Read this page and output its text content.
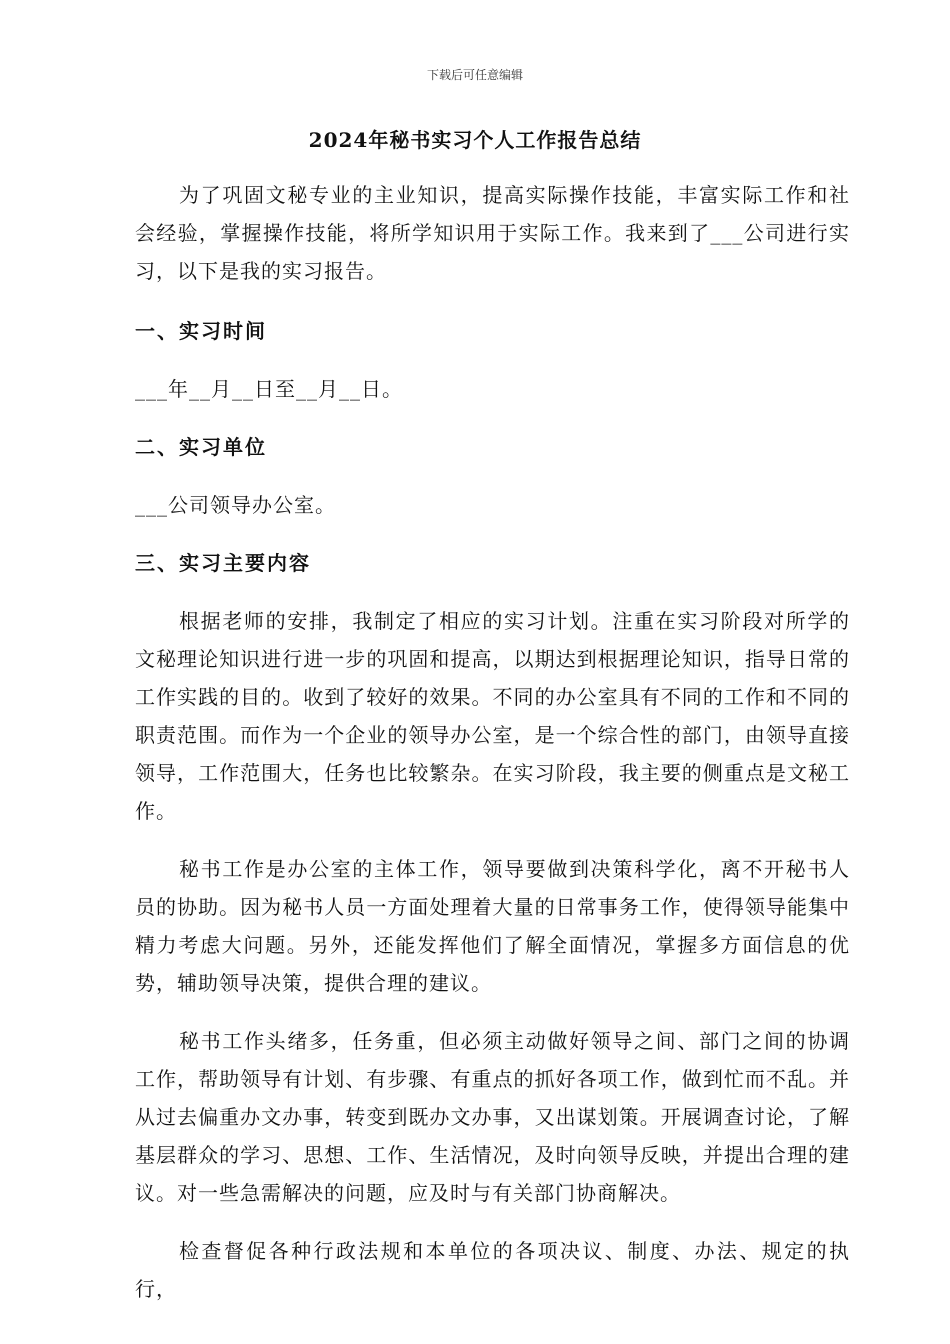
下载后可任意编辑
2024年秘书实习个人工作报告总结

为了巩固文秘专业的主业知识，提高实际操作技能，丰富实际工作和社会经验，掌握操作技能，将所学知识用于实际工作。我来到了___公司进行实习，以下是我的实习报告。

一、实习时间

___年__月__日至__月__日。

二、实习单位

___公司领导办公室。

三、实习主要内容

根据老师的安排，我制定了相应的实习计划。注重在实习阶段对所学的文秘理论知识进行进一步的巩固和提高，以期达到根据理论知识，指导日常的工作实践的目的。收到了较好的效果。不同的办公室具有不同的工作和不同的职责范围。而作为一个企业的领导办公室，是一个综合性的部门，由领导直接领导，工作范围大，任务也比较繁杂。在实习阶段，我主要的侧重点是文秘工作。

秘书工作是办公室的主体工作，领导要做到决策科学化，离不开秘书人员的协助。因为秘书人员一方面处理着大量的日常事务工作，使得领导能集中精力考虑大问题。另外，还能发挥他们了解全面情况，掌握多方面信息的优势，辅助领导决策，提供合理的建议。

秘书工作头绪多，任务重，但必须主动做好领导之间、部门之间的协调工作，帮助领导有计划、有步骤、有重点的抓好各项工作，做到忙而不乱。并从过去偏重办文办事，转变到既办文办事，又出谋划策。开展调查讨论，了解基层群众的学习、思想、工作、生活情况，及时向领导反映，并提出合理的建议。对一些急需解决的问题，应及时与有关部门协商解决。

检查督促各种行政法规和本单位的各项决议、制度、办法、规定的执行，
